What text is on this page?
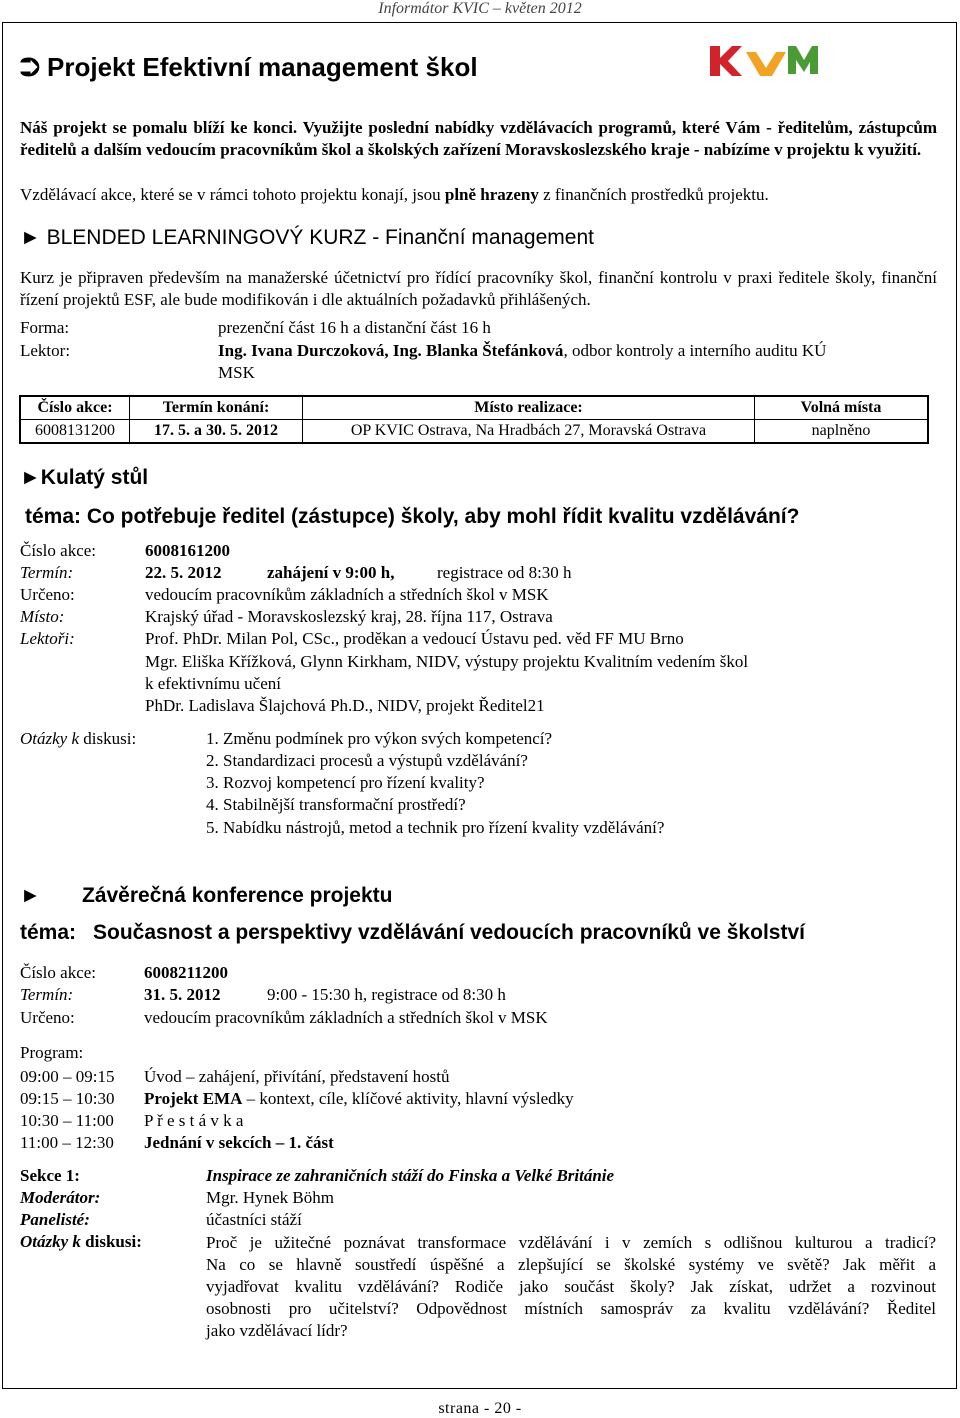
Informátor KVIC – květen 2012
⮊ Projekt Efektivní management škol
Náš projekt se pomalu blíží ke konci. Využijte poslední nabídky vzdělávacích programů, které Vám - ředitelům, zástupcům ředitelů a dalším vedoucím pracovníkům škol a školských zařízení Moravskoslezského kraje - nabízíme v projektu k využití.
Vzdělávací akce, které se v rámci tohoto projektu konají, jsou plně hrazeny z finančních prostředků projektu.
► BLENDED LEARNINGOVÝ KURZ - Finanční management
Kurz je připraven především na manažerské účetnictví pro řídící pracovníky škol, finanční kontrolu v praxi ředitele školy, finanční řízení projektů ESF, ale bude modifikován i dle aktuálních požadavků přihlášených.
Forma:	prezenční část 16 h a distanční část 16 h
Lektor:	Ing. Ivana Durczoková, Ing. Blanka Štefánková, odbor kontroly a interního auditu KÚ
MSK
Číslo akce:	Termín konání:	Místo realizace:	Volná místa
6008131200	17. 5. a 30. 5. 2012	OP KVIC Ostrava, Na Hradbách 27, Moravská Ostrava	naplněno
►Kulatý stůl
téma: Co potřebuje ředitel (zástupce) školy, aby mohl řídit kvalitu vzdělávání?
Číslo akce:	6008161200
Termín:	22. 5. 2012	zahájení v 9:00 h,	registrace od 8:30 h
Určeno:	vedoucím pracovníkům základních a středních škol v MSK
Místo:	Krajský úřad - Moravskoslezský kraj, 28. října 117, Ostrava
Lektoři:	Prof. PhDr. Milan Pol, CSc., proděkan a vedoucí Ústavu ped. věd FF MU Brno
Mgr. Eliška Křížková, Glynn Kirkham, NIDV, výstupy projektu Kvalitním vedením škol
k efektivnímu učení
PhDr. Ladislava Šlajchová Ph.D., NIDV, projekt Ředitel21
Otázky k diskusi:	1. Změnu podmínek pro výkon svých kompetencí?
2. Standardizaci procesů a výstupů vzdělávání?
3. Rozvoj kompetencí pro řízení kvality?
4. Stabilnější transformační prostředí?
5. Nabídku nástrojů, metod a technik pro řízení kvality vzdělávání?
► Závěrečná konference projektu
téma: Současnost a perspektivy vzdělávání vedoucích pracovníků ve školství
Číslo akce:	6008211200
Termín:	31. 5. 2012	9:00 - 15:30 h, registrace od 8:30 h
Určeno:	vedoucím pracovníkům základních a středních škol v MSK
Program:
09:00 – 09:15 Úvod – zahájení, přivítání, představení hostů
09:15 – 10:30 Projekt EMA – kontext, cíle, klíčové aktivity, hlavní výsledky
10:30 – 11:00 P ř e s t á v k a
11:00 – 12:30 Jednání v sekcích – 1. část
Sekce 1:	Inspirace ze zahraničních stáží do Finska a Velké Británie
Moderátor:	Mgr. Hynek Böhm
Panelisté:	účastníci stáží
Otázky k diskusi:	Proč je užitečné poznávat transformace vzdělávání i v zemích s odlišnou kulturou a tradicí?
Na co se hlavně soustředí úspěšné a zlepšující se školské systémy ve světě? Jak měřit a
vyjadřovat kvalitu vzdělávání? Rodiče jako součást školy? Jak získat, udržet a rozvinout
osobnosti pro učitelství? Odpovědnost místních samospráv za kvalitu vzdělávání? Ředitel
jako vzdělávací lídr?
strana - 20 -
